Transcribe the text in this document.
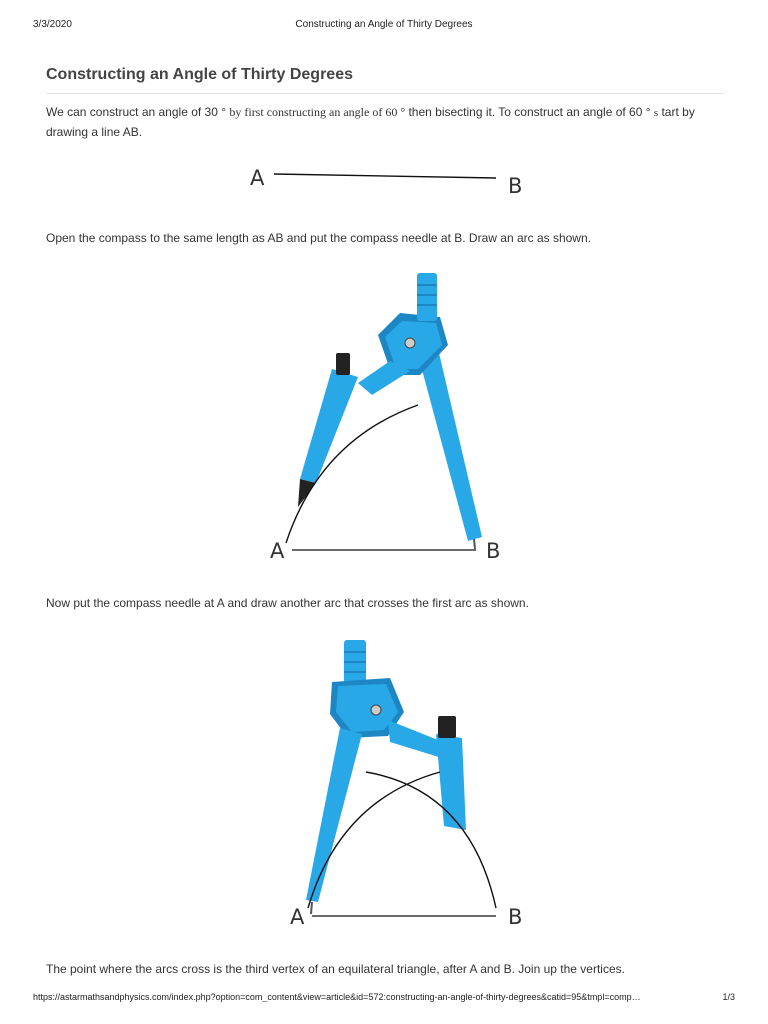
3/3/2020	Constructing an Angle of Thirty Degrees
Constructing an Angle of Thirty Degrees
We can construct an angle of 30 ° by first constructing an angle of 60 ° then bisecting it. To construct an angle of 60 ° s tart by drawing a line AB.
A	B
Open the compass to the same length as AB and put the compass needle at B. Draw an arc as shown.
A	B
Now put the compass needle at A and draw another arc that crosses the first arc as shown.
A	B
The point where the arcs cross is the third vertex of an equilateral triangle, after A and B. Join up the vertices.
https://astarmathsandphysics.com/index.php?option=com_content&view=article&id=572:constructing-an-angle-of-thirty-degrees&catid=95&tmpl=comp…	1/3
